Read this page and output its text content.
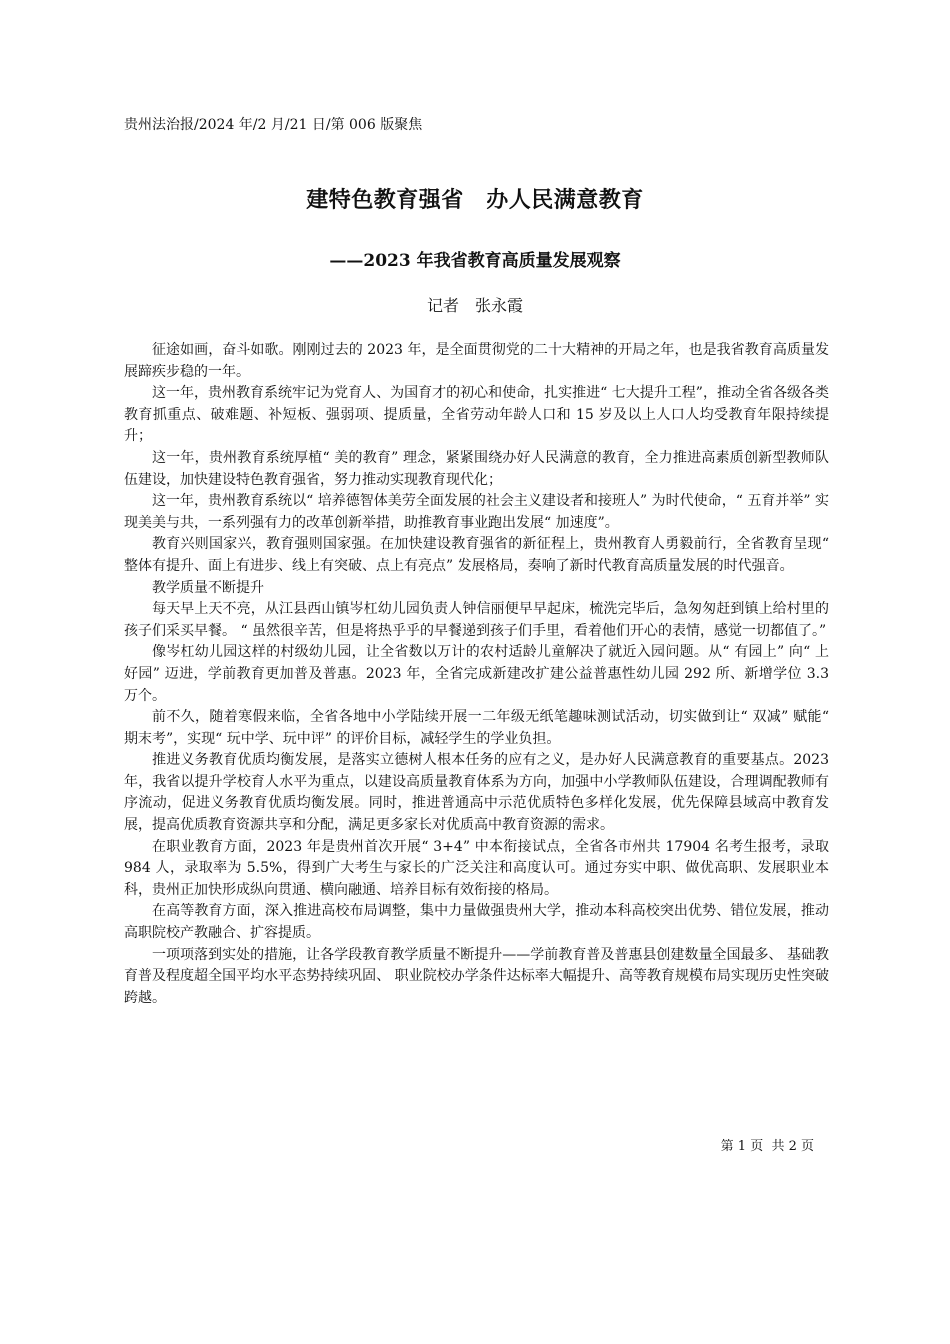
贵州法治报/2024 年/2 月/21 日/第 006 版聚焦
建特色教育强省　办人民满意教育
——2023 年我省教育高质量发展观察
记者　张永霞

征途如画，奋斗如歌。刚刚过去的 2023 年，是全面贯彻党的二十大精神的开局之年，也是我省教育高质量发展蹄疾步稳的一年。

这一年，贵州教育系统牢记为党育人、为国育才的初心和使命，扎实推进“ 七大提升工程”，推动全省各级各类教育抓重点、破难题、补短板、强弱项、提质量，全省劳动年龄人口和 15 岁及以上人口人均受教育年限持续提升；

这一年，贵州教育系统厚植“ 美的教育” 理念，紧紧围绕办好人民满意的教育，全力推进高素质创新型教师队伍建设，加快建设特色教育强省，努力推动实现教育现代化；

这一年，贵州教育系统以“ 培养德智体美劳全面发展的社会主义建设者和接班人” 为时代使命，“ 五育并举” 实现美美与共，一系列强有力的改革创新举措，助推教育事业跑出发展“ 加速度”。

教育兴则国家兴，教育强则国家强。在加快建设教育强省的新征程上，贵州教育人勇毅前行，全省教育呈现“ 整体有提升、面上有进步、线上有突破、点上有亮点” 发展格局，奏响了新时代教育高质量发展的时代强音。

教学质量不断提升

每天早上天不亮，从江县西山镇岑杠幼儿园负责人钟信丽便早早起床，梳洗完毕后，急匆匆赶到镇上给村里的孩子们采买早餐。 “ 虽然很辛苦，但是将热乎乎的早餐递到孩子们手里，看着他们开心的表情，感觉一切都值了。”

像岑杠幼儿园这样的村级幼儿园，让全省数以万计的农村适龄儿童解决了就近入园问题。从“ 有园上” 向“ 上好园” 迈进，学前教育更加普及普惠。2023 年，全省完成新建改扩建公益普惠性幼儿园 292 所、新增学位 3.3 万个。

前不久，随着寒假来临，全省各地中小学陆续开展一二年级无纸笔趣味测试活动，切实做到让“ 双减” 赋能“ 期末考”，实现“ 玩中学、玩中评” 的评价目标，减轻学生的学业负担。

推进义务教育优质均衡发展，是落实立德树人根本任务的应有之义，是办好人民满意教育的重要基点。2023 年，我省以提升学校育人水平为重点，以建设高质量教育体系为方向，加强中小学教师队伍建设，合理调配教师有序流动，促进义务教育优质均衡发展。同时，推进普通高中示范优质特色多样化发展，优先保障县域高中教育发展，提高优质教育资源共享和分配，满足更多家长对优质高中教育资源的需求。

在职业教育方面，2023 年是贵州首次开展“ 3+4” 中本衔接试点，全省各市州共 17904 名考生报考，录取 984 人，录取率为 5.5%，得到广大考生与家长的广泛关注和高度认可。通过夯实中职、做优高职、发展职业本科，贵州正加快形成纵向贯通、横向融通、培养目标有效衔接的格局。

在高等教育方面，深入推进高校布局调整，集中力量做强贵州大学，推动本科高校突出优势、错位发展，推动高职院校产教融合、扩容提质。

一项项落到实处的措施，让各学段教育教学质量不断提升——学前教育普及普惠县创建数量全国最多、 基础教育普及程度超全国平均水平态势持续巩固、 职业院校办学条件达标率大幅提升、高等教育规模布局实现历史性突破跨越。

第 1 页  共 2 页
